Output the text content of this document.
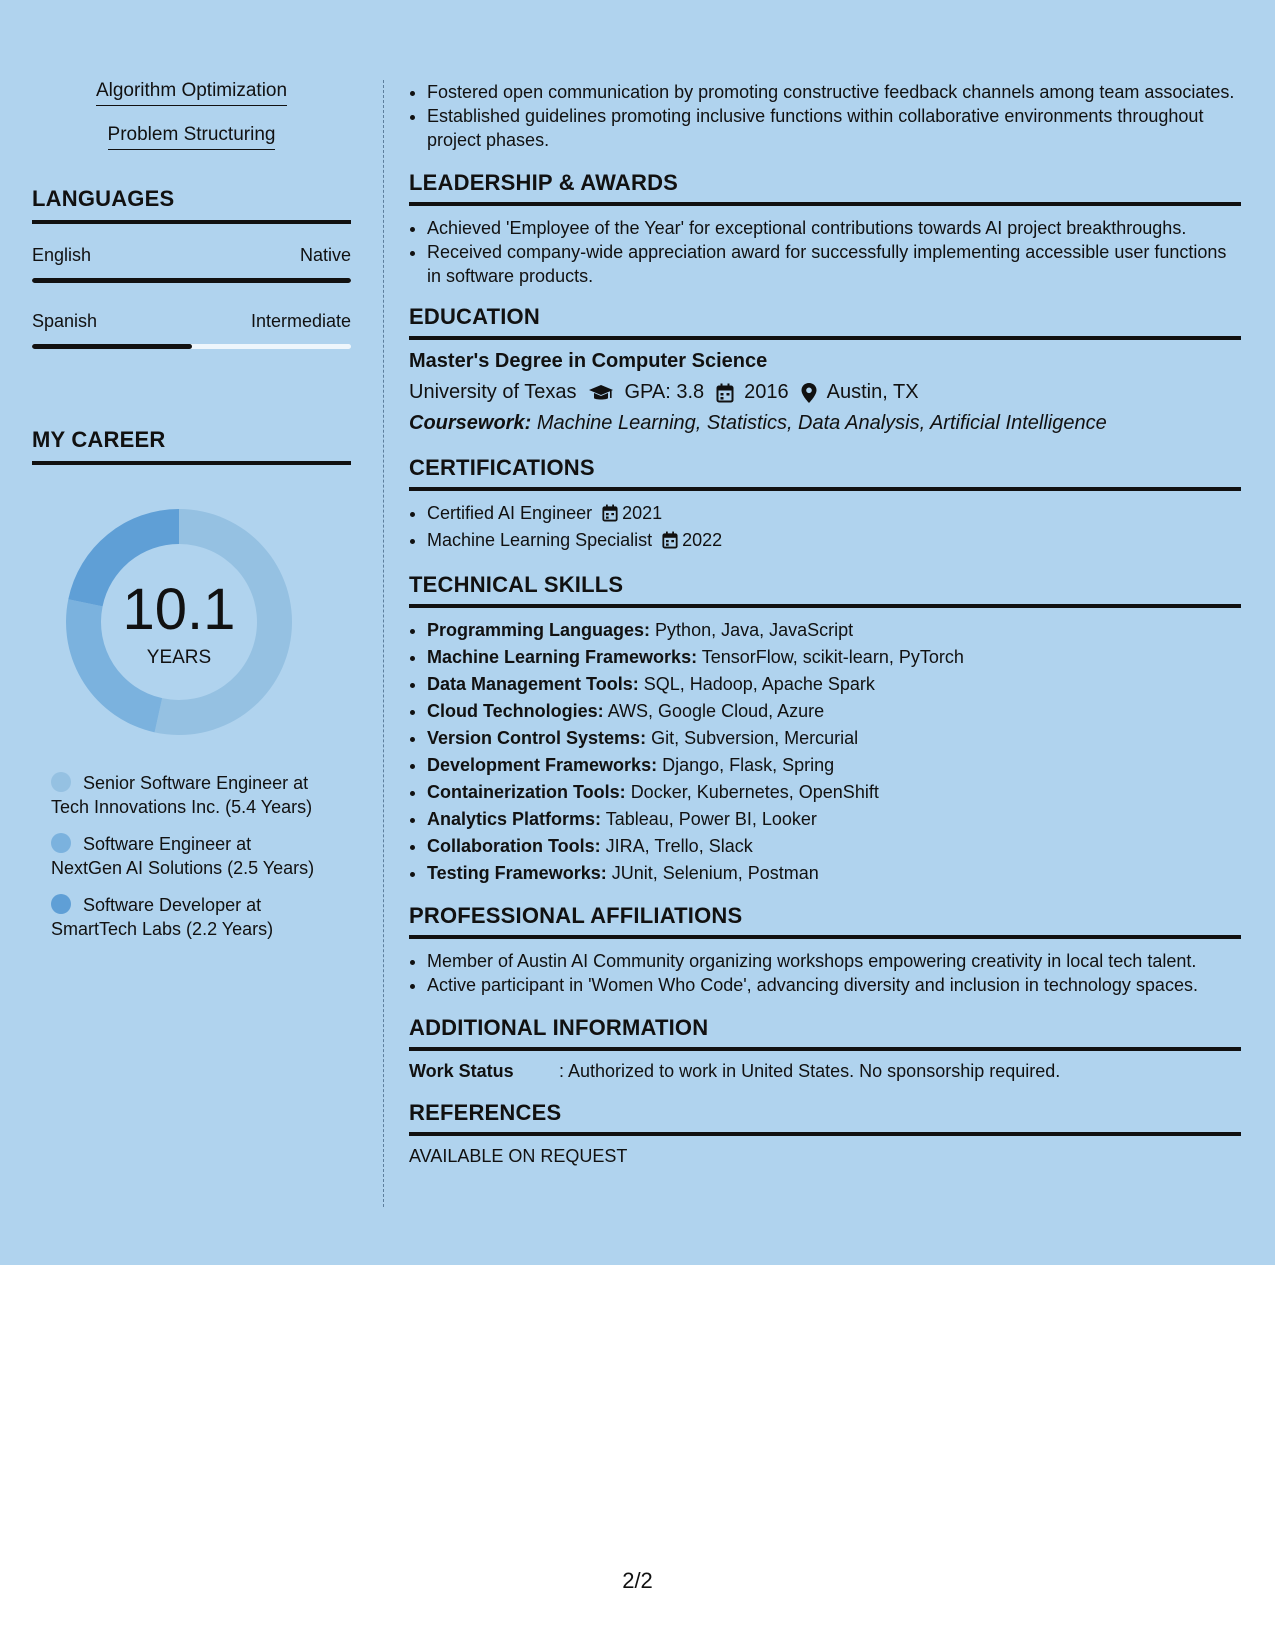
Algorithm Optimization
Problem Structuring
LANGUAGES
English	Native
Spanish	Intermediate
MY CAREER
10.1
YEARS
Senior Software Engineer at
Tech Innovations Inc. (5.4 Years)
Software Engineer at
NextGen AI Solutions (2.5 Years)
Software Developer at
SmartTech Labs (2.2 Years)
• Fostered open communication by promoting constructive feedback channels among team associates.
• Established guidelines promoting inclusive functions within collaborative environments throughout project phases.
LEADERSHIP & AWARDS
• Achieved 'Employee of the Year' for exceptional contributions towards AI project breakthroughs.
• Received company-wide appreciation award for successfully implementing accessible user functions in software products.
EDUCATION
Master's Degree in Computer Science
University of Texas GPA: 3.8 2016 Austin, TX
Coursework: Machine Learning, Statistics, Data Analysis, Artificial Intelligence
CERTIFICATIONS
• Certified AI Engineer 2021
• Machine Learning Specialist 2022
TECHNICAL SKILLS
• Programming Languages: Python, Java, JavaScript
• Machine Learning Frameworks: TensorFlow, scikit-learn, PyTorch
• Data Management Tools: SQL, Hadoop, Apache Spark
• Cloud Technologies: AWS, Google Cloud, Azure
• Version Control Systems: Git, Subversion, Mercurial
• Development Frameworks: Django, Flask, Spring
• Containerization Tools: Docker, Kubernetes, OpenShift
• Analytics Platforms: Tableau, Power BI, Looker
• Collaboration Tools: JIRA, Trello, Slack
• Testing Frameworks: JUnit, Selenium, Postman
PROFESSIONAL AFFILIATIONS
• Member of Austin AI Community organizing workshops empowering creativity in local tech talent.
• Active participant in 'Women Who Code', advancing diversity and inclusion in technology spaces.
ADDITIONAL INFORMATION
Work Status	: Authorized to work in United States. No sponsorship required.
REFERENCES
AVAILABLE ON REQUEST
2/2
